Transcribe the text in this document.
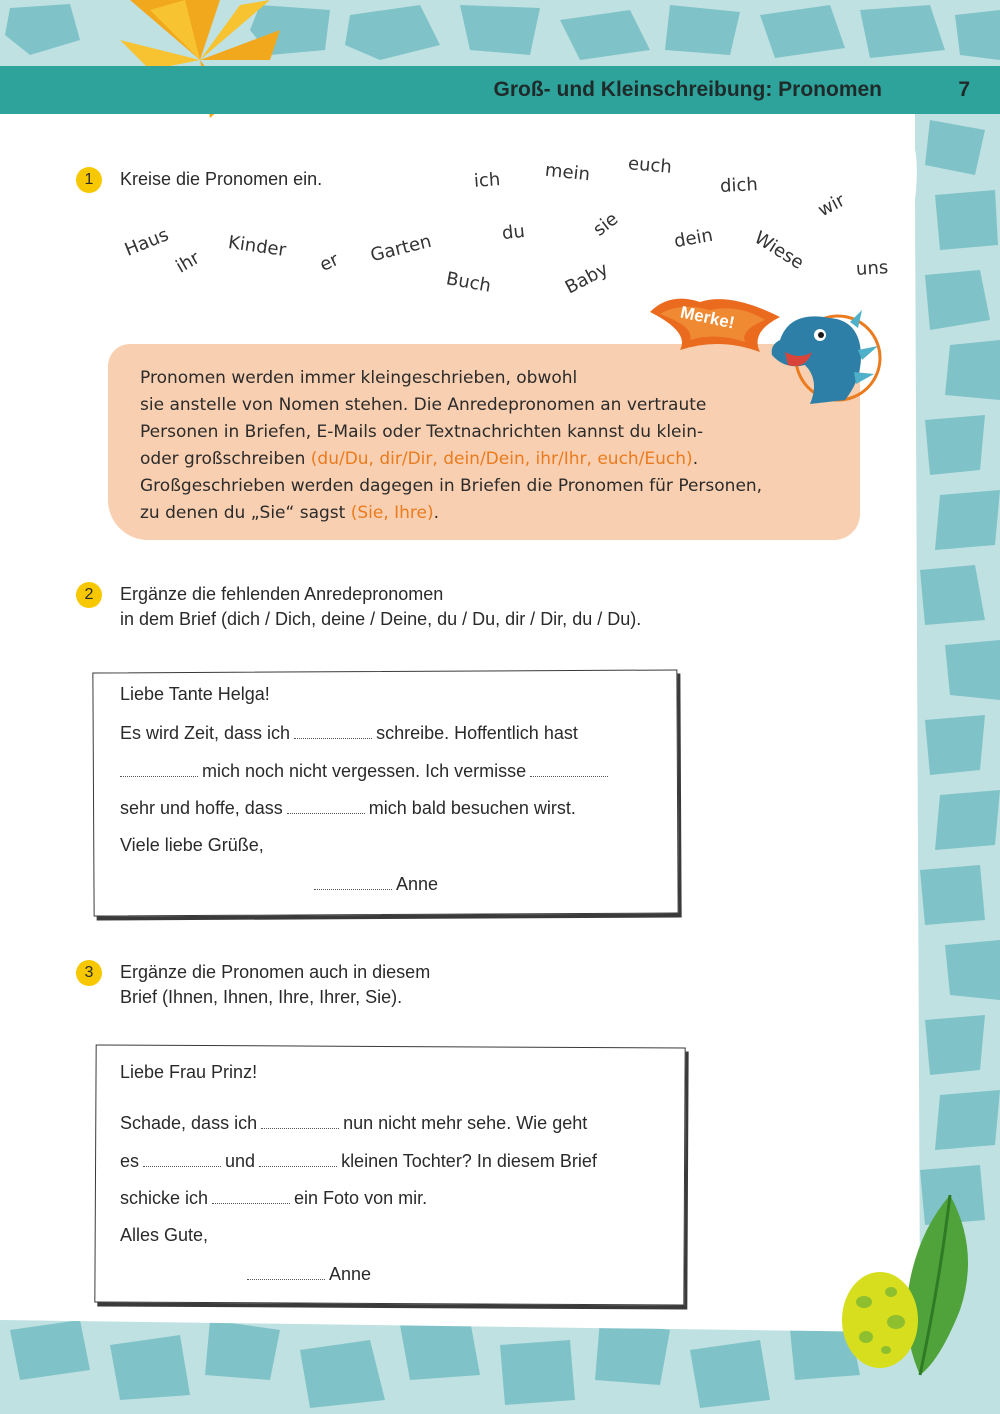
Groß- und Kleinschreibung: Pronomen	7
1	Kreise die Pronomen ein.	ich mein euch
dich
wir
Haus
ihr
Kinder
er Garten	du	sie	dein Wiese	uns
Buch	Baby
Pronomen werden immer kleingeschrieben, obwohl
sie anstelle von Nomen stehen. Die Anredepronomen an vertraute
Personen in Briefen, E-Mails oder Textnachrichten kannst du klein-
oder großschreiben (du/Du, dir/Dir, dein/Dein, ihr/Ihr, euch/Euch).
Großgeschrieben werden dagegen in Briefen die Pronomen für Personen,
zu denen du „Sie“ sagst (Sie, Ihre).
Merke!
2	Ergänze die fehlenden Anredepronomen
in dem Brief (dich / Dich, deine / Deine, du / Du, dir / Dir, du / Du).
Liebe Tante Helga!
Es wird Zeit, dass ich	schreibe. Hoffentlich hast
mich noch nicht vergessen. Ich vermisse
sehr und hoffe, dass	mich bald besuchen wirst.
Viele liebe Grüße,
Anne
3	Ergänze die Pronomen auch in diesem
Brief (Ihnen, Ihnen, Ihre, Ihrer, Sie).
Liebe Frau Prinz!
Schade, dass ich	nun nicht mehr sehe. Wie geht
es	und	kleinen Tochter? In diesem Brief
schicke ich	ein Foto von mir.
Alles Gute,
Anne
